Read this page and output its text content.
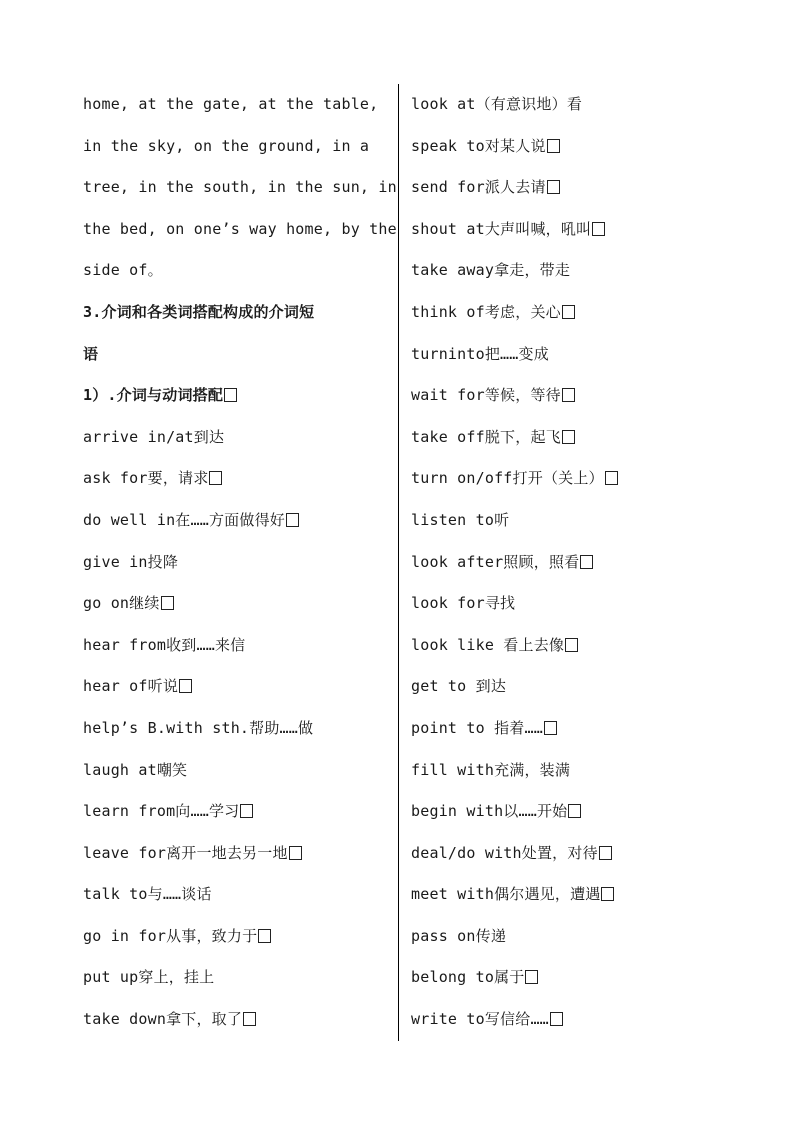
home, at the gate, at the table,
in the sky, on the ground, in a
tree, in the south, in the sun, in
the bed, on one’s way home, by the
side of。
3.介词和各类词搭配构成的介词短
语
1）.介词与动词搭配
arrive in/at到达
ask for要，请求
do well in在……方面做得好
give in投降
go on继续
hear from收到……来信
hear of听说
help’s B.with sth.帮助……做
laugh at嘲笑
learn from向……学习
leave for离开一地去另一地
talk to与……谈话
go in for从事，致力于
put up穿上，挂上
take down拿下，取了
look at（有意识地）看
speak to对某人说
send for派人去请
shout at大声叫喊，吼叫
take away拿走，带走
think of考虑，关心
turninto把……变成
wait for等候，等待
take off脱下，起飞
turn on/off打开（关上）
listen to听
look after照顾，照看
look for寻找
look like 看上去像
get to 到达
point to 指着……
fill with充满，装满
begin with以……开始
deal/do with处置，对待
meet with偶尔遇见，遭遇
pass on传递
belong to属于
write to写信给……
